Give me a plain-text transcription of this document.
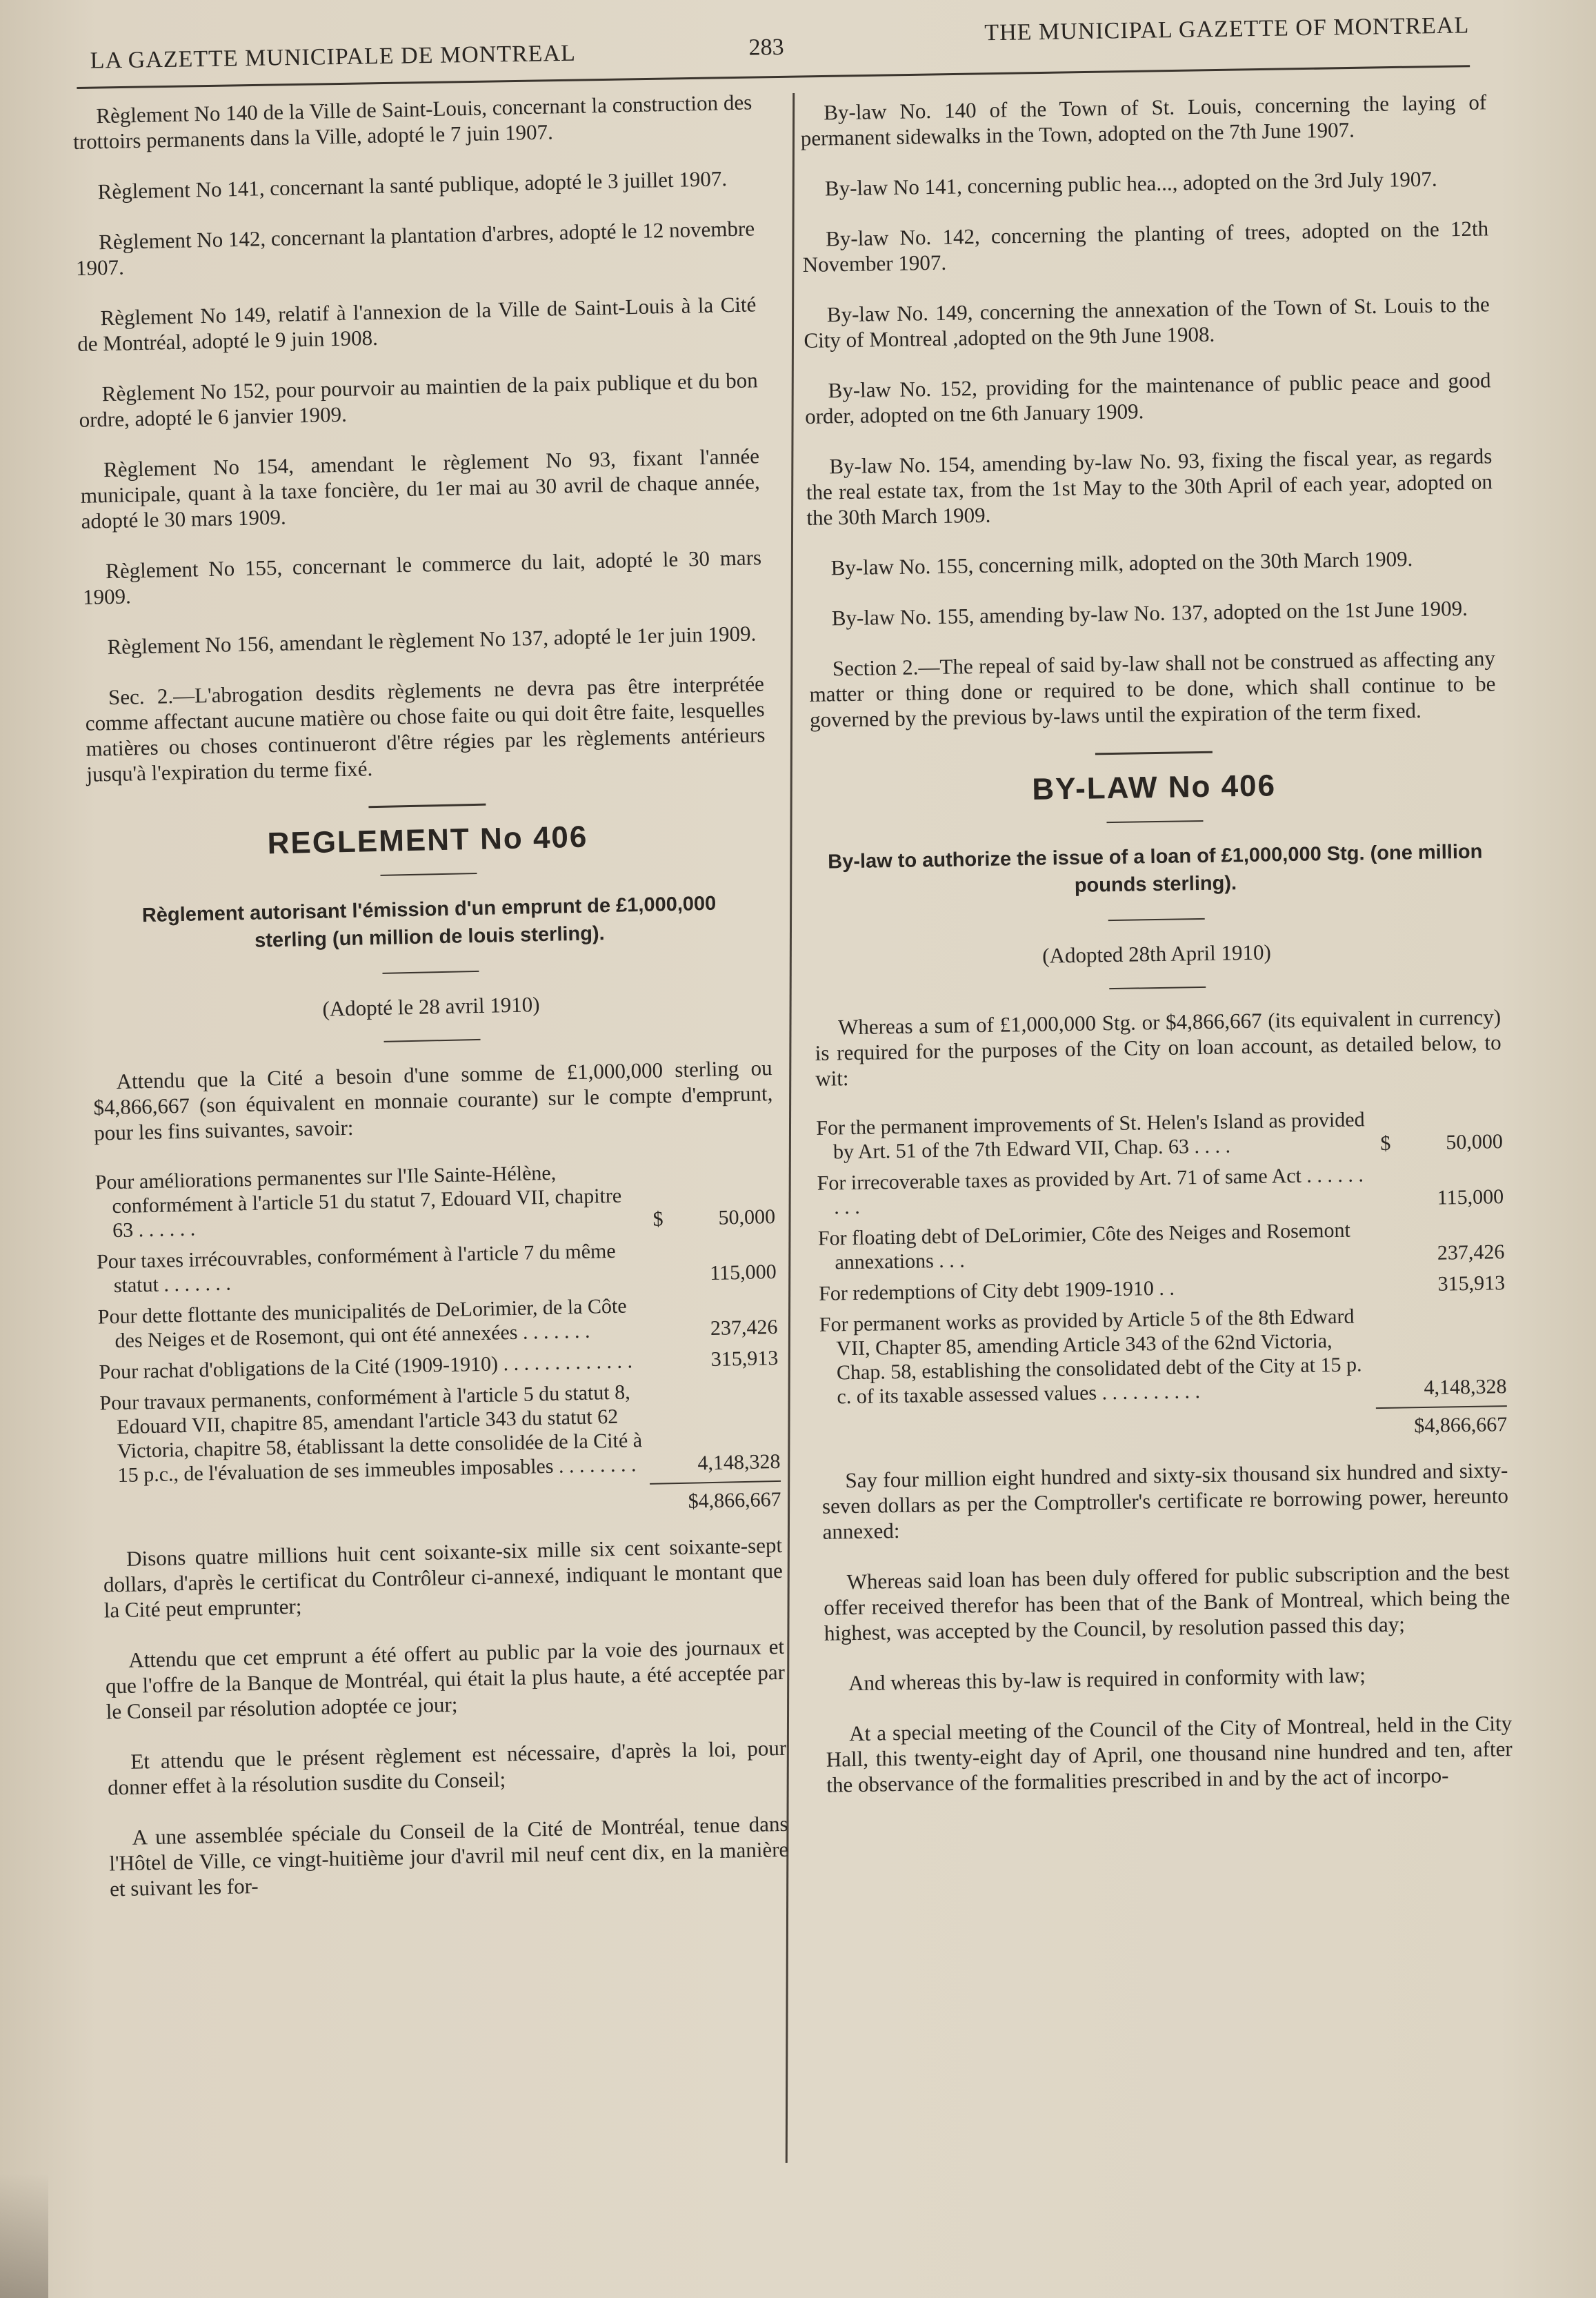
LA GAZETTE MUNICIPALE DE MONTREAL	283
THE MUNICIPAL GAZETTE OF MONTREAL

Règlement No 140 de la Ville de Saint-Louis, concernant la construction des trottoirs permanents dans la Ville, adopté le 7 juin 1907.

Règlement No 141, concernant la santé publique, adopté le 3 juillet 1907.

Règlement No 142, concernant la plantation d'arbres, adopté le 12 novembre 1907.

Règlement No 149, relatif à l'annexion de la Ville de Saint-Louis à la Cité de Montréal, adopté le 9 juin 1908.

Règlement No 152, pour pourvoir au maintien de la paix publique et du bon ordre, adopté le 6 janvier 1909.

Règlement No 154, amendant le règlement No 93, fixant l'année municipale, quant à la taxe foncière, du 1er mai au 30 avril de chaque année, adopté le 30 mars 1909.

Règlement No 155, concernant le commerce du lait, adopté le 30 mars 1909.

Règlement No 156, amendant le règlement No 137, adopté le 1er juin 1909.

Sec. 2.—L'abrogation desdits règlements ne devra pas être interprétée comme affectant aucune matière ou chose faite ou qui doit être faite, lesquelles matières ou choses continueront d'être régies par les règlements antérieurs jusqu'à l'expiration du terme fixé.

REGLEMENT No 406
Règlement autorisant l'émission d'un emprunt de £1,000,000 sterling (un million de louis sterling).
(Adopté le 28 avril 1910)

Attendu que la Cité a besoin d'une somme de £1,000,000 sterling ou $4,866,667 (son équivalent en monnaie courante) sur le compte d'emprunt, pour les fins suivantes, savoir:

Pour améliorations permanentes sur l'Ile Sainte-Hélène, conformément à l'article 51 du statut 7, Edouard VII, chapitre 63 . . . . . .	$	50,000
Pour taxes irrécouvrables, conformément à l'article 7 du même statut . . . . . . .	115,000
Pour dette flottante des municipalités de DeLorimier, de la Côte des Neiges et de Rosemont, qui ont été annexées . . . . . . .	237,426
Pour rachat d'obligations de la Cité (1909-1910) . . . . . . . . . . . . .	315,913
Pour travaux permanents, conformément à l'article 5 du statut 8, Edouard VII, chapitre 85, amendant l'article 343 du statut 62 Victoria, chapitre 58, établissant la dette consolidée de la Cité à 15 p.c., de l'évaluation de ses immeubles imposables . . . . . . . .	4,148,328
$4,866,667

Disons quatre millions huit cent soixante-six mille six cent soixante-sept dollars, d'après le certificat du Contrôleur ci-annexé, indiquant le montant que la Cité peut emprunter;

Attendu que cet emprunt a été offert au public par la voie des journaux et que l'offre de la Banque de Montréal, qui était la plus haute, a été acceptée par le Conseil par résolution adoptée ce jour;

Et attendu que le présent règlement est nécessaire, d'après la loi, pour donner effet à la résolution susdite du Conseil;

A une assemblée spéciale du Conseil de la Cité de Montréal, tenue dans l'Hôtel de Ville, ce vingt-huitième jour d'avril mil neuf cent dix, en la manière et suivant les for-

By-law No. 140 of the Town of St. Louis, concerning the laying of permanent sidewalks in the Town, adopted on the 7th June 1907.

By-law No 141, concerning public hea..., adopted on the 3rd July 1907.

By-law No. 142, concerning the planting of trees, adopted on the 12th November 1907.

By-law No. 149, concerning the annexation of the Town of St. Louis to the City of Montreal ,adopted on the 9th June 1908.

By-law No. 152, providing for the maintenance of public peace and good order, adopted on tne 6th January 1909.

By-law No. 154, amending by-law No. 93, fixing the fiscal year, as regards the real estate tax, from the 1st May to the 30th April of each year, adopted on the 30th March 1909.

By-law No. 155, concerning milk, adopted on the 30th March 1909.

By-law No. 155, amending by-law No. 137, adopted on the 1st June 1909.

Section 2.—The repeal of said by-law shall not be construed as affecting any matter or thing done or required to be done, which shall continue to be governed by the previous by-laws until the expiration of the term fixed.

BY-LAW No 406
By-law to authorize the issue of a loan of £1,000,000 Stg. (one million pounds sterling).
(Adopted 28th April 1910)

Whereas a sum of £1,000,000 Stg. or $4,866,667 (its equivalent in currency) is required for the purposes of the City on loan account, as detailed below, to wit:

For the permanent improvements of St. Helen's Island as provided by Art. 51 of the 7th Edward VII, Chap. 63 . . . .	$	50,000
For irrecoverable taxes as provided by Art. 71 of same Act . . . . . . . . .	115,000
For floating debt of DeLorimier, Côte des Neiges and Rosemont annexations . . .	237,426
For redemptions of City debt 1909-1910 . .	315,913
For permanent works as provided by Article 5 of the 8th Edward VII, Chapter 85, amending Article 343 of the 62nd Victoria, Chap. 58, establishing the consolidated debt of the City at 15 p. c. of its taxable assessed values . . . . . . . . . .	4,148,328
$4,866,667

Say four million eight hundred and sixty-six thousand six hundred and sixty-seven dollars as per the Comptroller's certificate re borrowing power, hereunto annexed:

Whereas said loan has been duly offered for public subscription and the best offer received therefor has been that of the Bank of Montreal, which being the highest, was accepted by the Council, by resolution passed this day;

And whereas this by-law is required in conformity with law;

At a special meeting of the Council of the City of Montreal, held in the City Hall, this twenty-eight day of April, one thousand nine hundred and ten, after the observance of the formalities prescribed in and by the act of incorpo-
